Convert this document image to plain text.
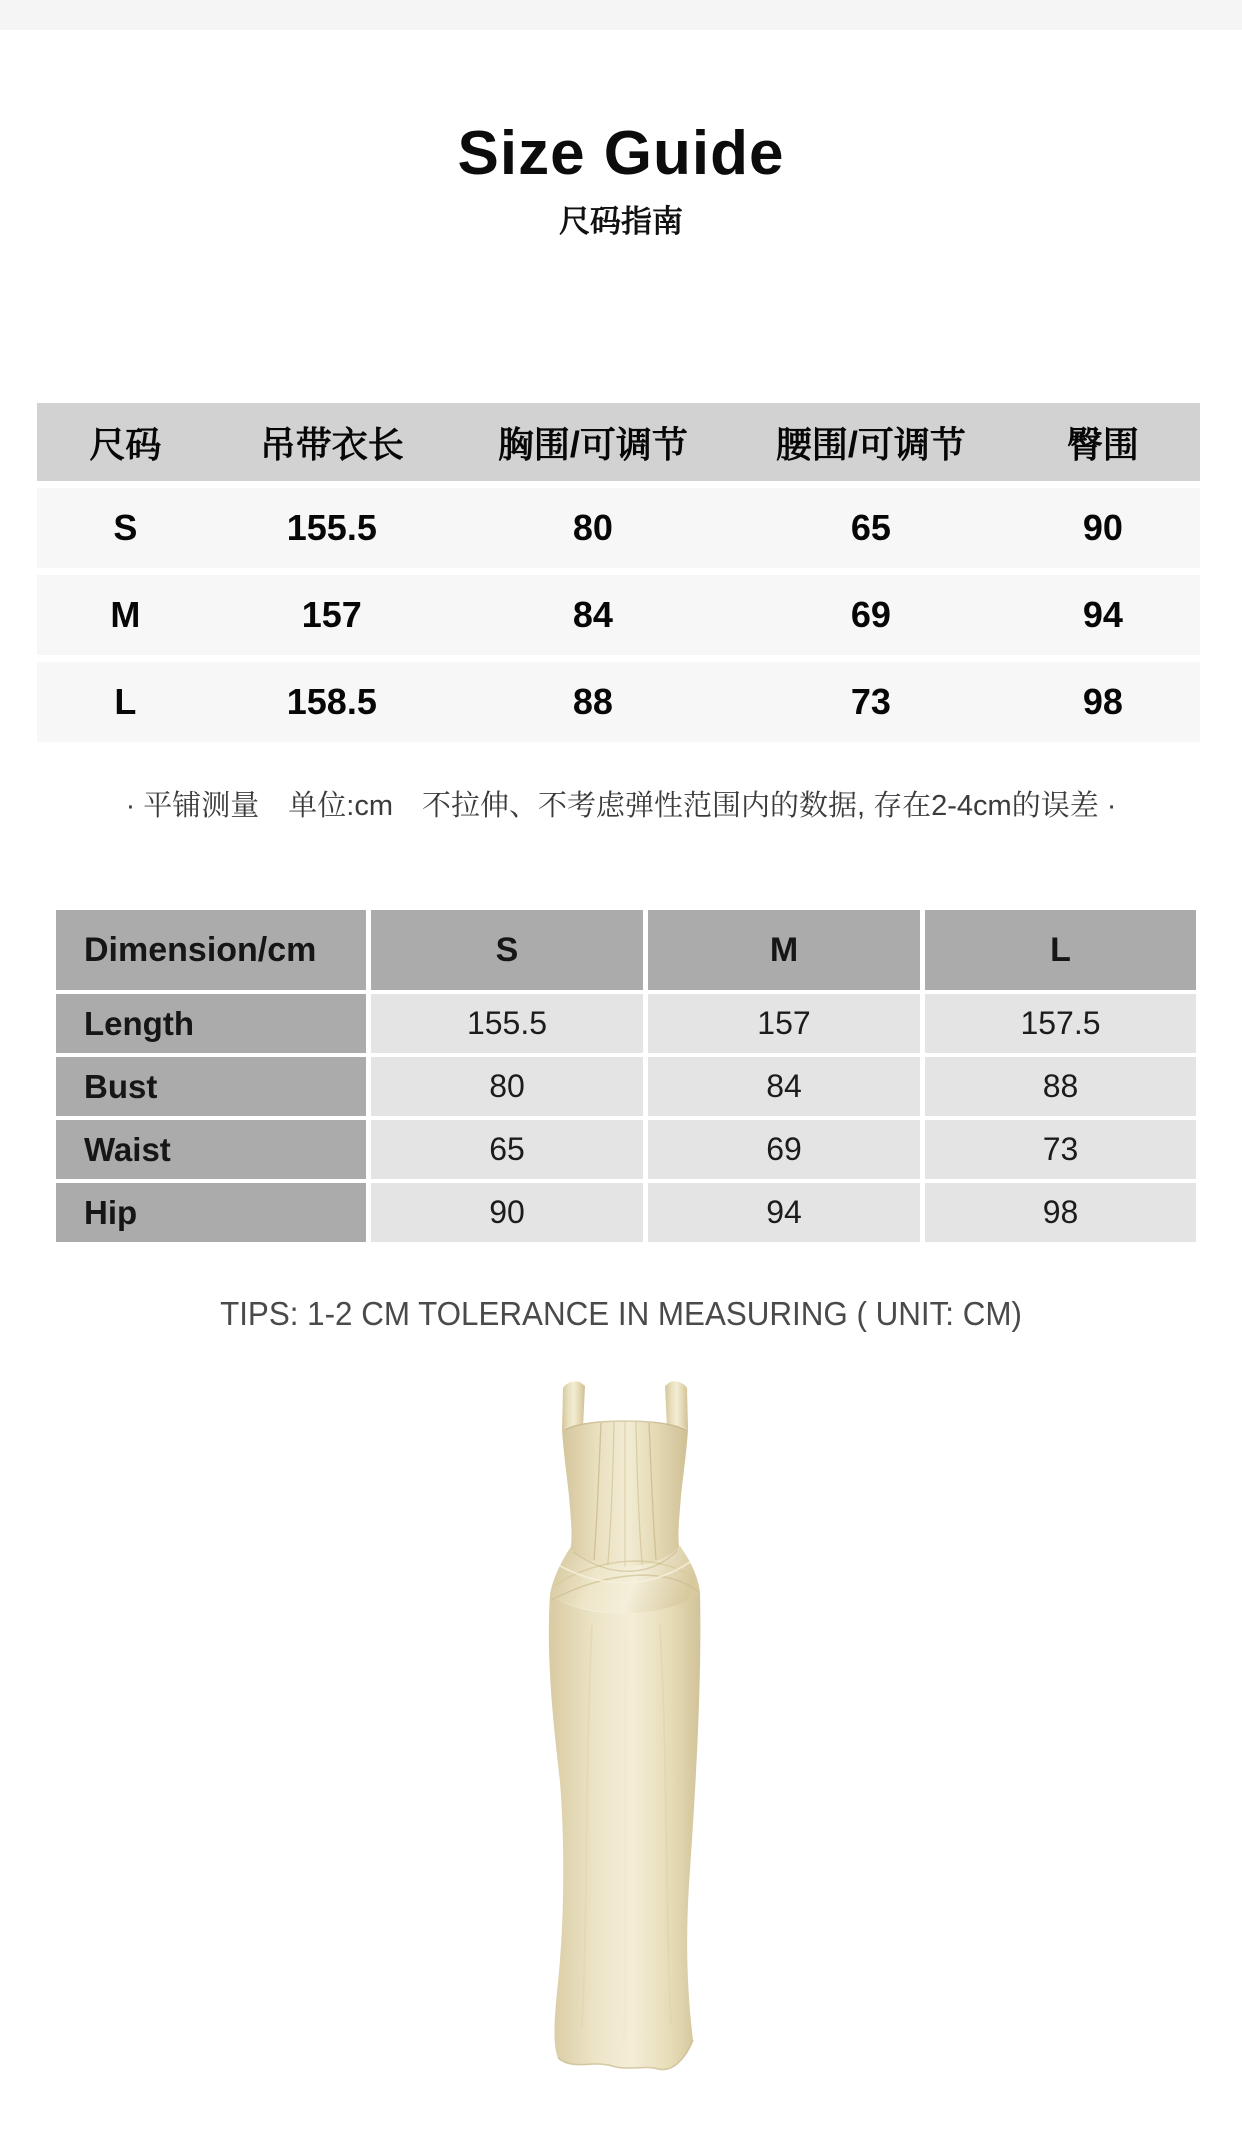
Size Guide
尺码指南
尺码	吊带衣长	胸围/可调节	腰围/可调节	臀围
S	155.5	80	65	90
M	157	84	69	94
L	158.5	88	73	98
· 平铺测量　单位:cm　不拉伸、不考虑弹性范围内的数据, 存在2-4cm的误差 ·
Dimension/cm	S	M	L
Length	155.5	157	157.5
Bust	80	84	88
Waist	65	69	73
Hip	90	94	98
TIPS: 1-2 CM TOLERANCE IN MEASURING ( UNIT: CM)
